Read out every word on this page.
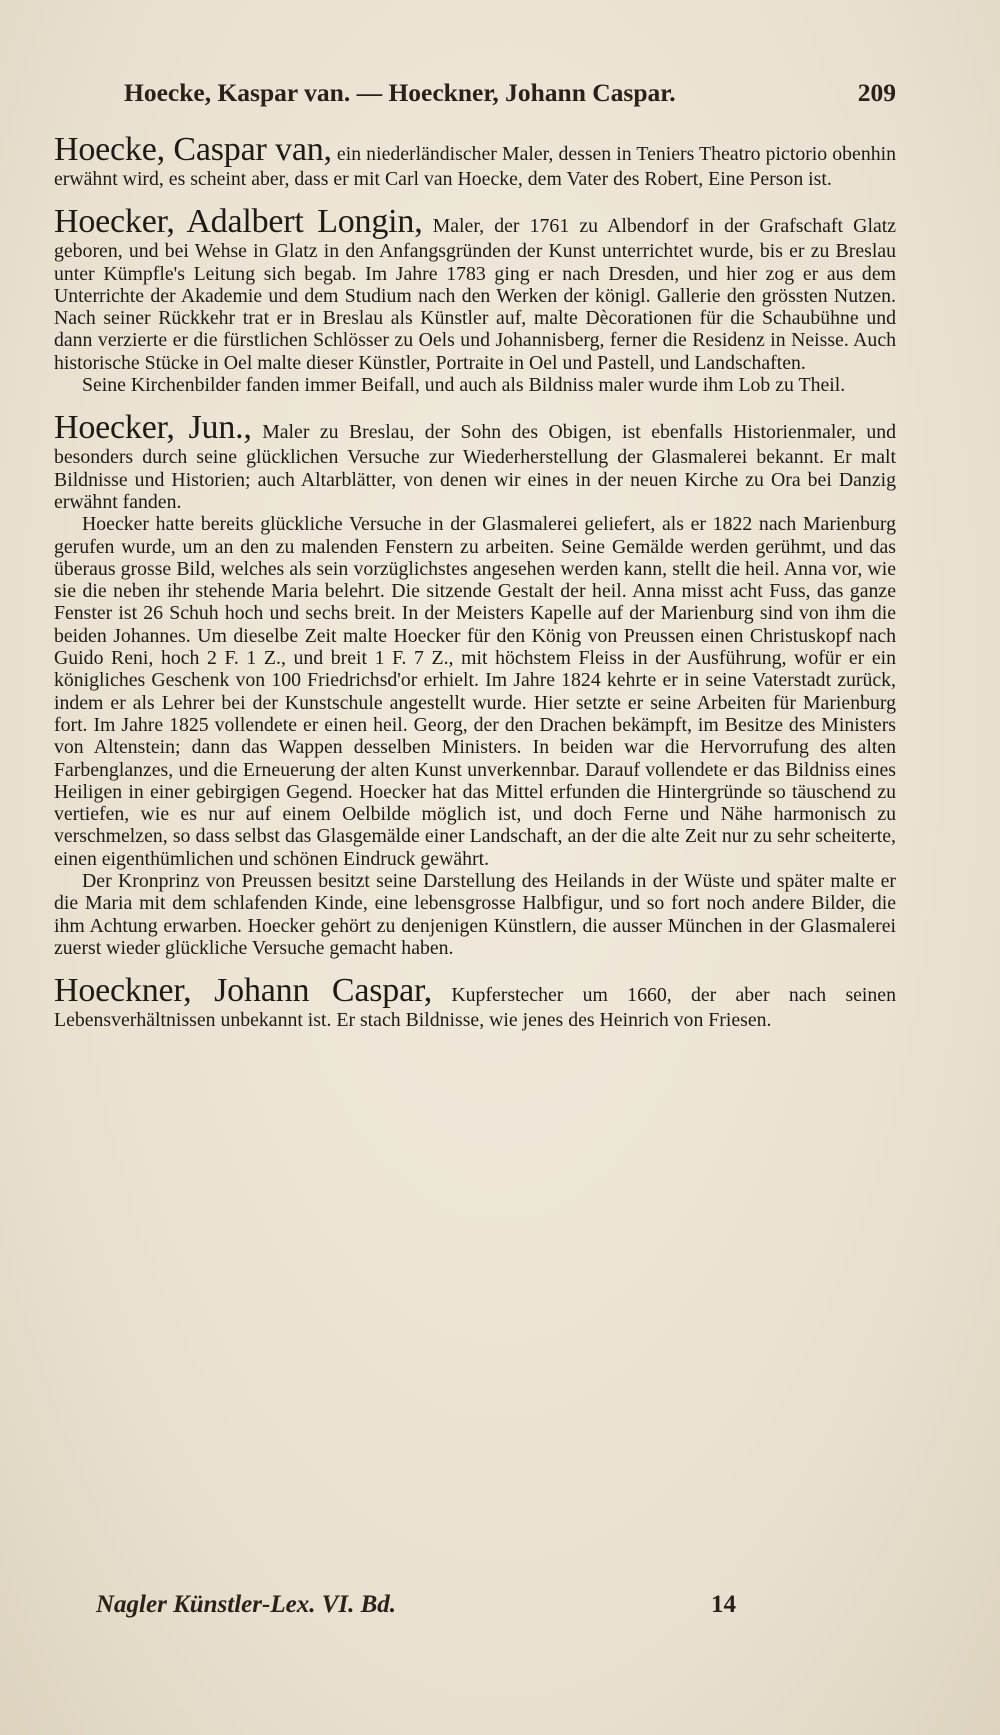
Hoecke, Kaspar van. — Hoeckner, Johann Caspar.	209

Hoecke, Caspar van, ein niederländischer Maler, dessen in Teniers Theatro pictorio obenhin erwähnt wird, es scheint aber, dass er mit Carl van Hoecke, dem Vater des Robert, Eine Person ist.

Hoecker, Adalbert Longin, Maler, der 1761 zu Albendorf in der Grafschaft Glatz geboren, und bei Wehse in Glatz in den Anfangsgründen der Kunst unterrichtet wurde, bis er zu Breslau unter Kümpfle's Leitung sich begab. Im Jahre 1783 ging er nach Dresden, und hier zog er aus dem Unterrichte der Akademie und dem Studium nach den Werken der königl. Gallerie den grössten Nutzen. Nach seiner Rückkehr trat er in Breslau als Künstler auf, malte Dècorationen für die Schaubühne und dann verzierte er die fürstlichen Schlösser zu Oels und Johannisberg, ferner die Residenz in Neisse. Auch historische Stücke in Oel malte dieser Künstler, Portraite in Oel und Pastell, und Landschaften.

Seine Kirchenbilder fanden immer Beifall, und auch als Bildniss maler wurde ihm Lob zu Theil.

Hoecker, Jun., Maler zu Breslau, der Sohn des Obigen, ist ebenfalls Historienmaler, und besonders durch seine glücklichen Versuche zur Wiederherstellung der Glasmalerei bekannt. Er malt Bildnisse und Historien; auch Altarblätter, von denen wir eines in der neuen Kirche zu Ora bei Danzig erwähnt fanden.

Hoecker hatte bereits glückliche Versuche in der Glasmalerei geliefert, als er 1822 nach Marienburg gerufen wurde, um an den zu malenden Fenstern zu arbeiten. Seine Gemälde werden gerühmt, und das überaus grosse Bild, welches als sein vorzüglichstes angesehen werden kann, stellt die heil. Anna vor, wie sie die neben ihr stehende Maria belehrt. Die sitzende Gestalt der heil. Anna misst acht Fuss, das ganze Fenster ist 26 Schuh hoch und sechs breit. In der Meisters Kapelle auf der Marienburg sind von ihm die beiden Johannes. Um dieselbe Zeit malte Hoecker für den König von Preussen einen Christuskopf nach Guido Reni, hoch 2 F. 1 Z., und breit 1 F. 7 Z., mit höchstem Fleiss in der Ausführung, wofür er ein königliches Geschenk von 100 Friedrichsd'or erhielt. Im Jahre 1824 kehrte er in seine Vaterstadt zurück, indem er als Lehrer bei der Kunstschule angestellt wurde. Hier setzte er seine Arbeiten für Marienburg fort. Im Jahre 1825 vollendete er einen heil. Georg, der den Drachen bekämpft, im Besitze des Ministers von Altenstein; dann das Wappen desselben Ministers. In beiden war die Hervorrufung des alten Farbenglanzes, und die Erneuerung der alten Kunst unverkennbar. Darauf vollendete er das Bildniss eines Heiligen in einer gebirgigen Gegend. Hoecker hat das Mittel erfunden die Hintergründe so täuschend zu vertiefen, wie es nur auf einem Oelbilde möglich ist, und doch Ferne und Nähe harmonisch zu verschmelzen, so dass selbst das Glasgemälde einer Landschaft, an der die alte Zeit nur zu sehr scheiterte, einen eigenthümlichen und schönen Eindruck gewährt.

Der Kronprinz von Preussen besitzt seine Darstellung des Heilands in der Wüste und später malte er die Maria mit dem schlafenden Kinde, eine lebensgrosse Halbfigur, und so fort noch andere Bilder, die ihm Achtung erwarben. Hoecker gehört zu denjenigen Künstlern, die ausser München in der Glasmalerei zuerst wieder glückliche Versuche gemacht haben.

Hoeckner, Johann Caspar, Kupferstecher um 1660, der aber nach seinen Lebensverhältnissen unbekannt ist. Er stach Bildnisse, wie jenes des Heinrich von Friesen.

Nagler Künstler-Lex. VI. Bd.	14
